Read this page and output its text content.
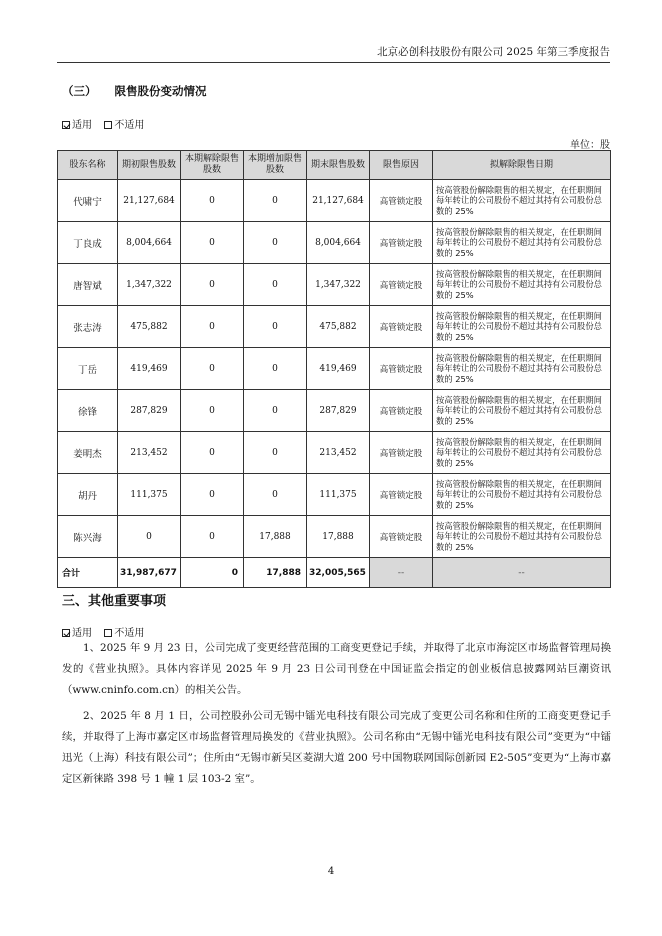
北京必创科技股份有限公司 2025 年第三季度报告
（三） 限售股份变动情况
适用 不适用
单位：股
股东名称	期初限售股数	本期解除限售股数	本期增加限售股数	期末限售股数	限售原因	拟解除限售日期
代啸宁	21,127,684	0	0	21,127,684	高管锁定股	按高管股份解除限售的相关规定，在任职期间每年转让的公司股份不超过其持有公司股份总数的 25%
丁良成	8,004,664	0	0	8,004,664	高管锁定股	按高管股份解除限售的相关规定，在任职期间每年转让的公司股份不超过其持有公司股份总数的 25%
唐智斌	1,347,322	0	0	1,347,322	高管锁定股	按高管股份解除限售的相关规定，在任职期间每年转让的公司股份不超过其持有公司股份总数的 25%
张志涛	475,882	0	0	475,882	高管锁定股	按高管股份解除限售的相关规定，在任职期间每年转让的公司股份不超过其持有公司股份总数的 25%
丁岳	419,469	0	0	419,469	高管锁定股	按高管股份解除限售的相关规定，在任职期间每年转让的公司股份不超过其持有公司股份总数的 25%
徐锋	287,829	0	0	287,829	高管锁定股	按高管股份解除限售的相关规定，在任职期间每年转让的公司股份不超过其持有公司股份总数的 25%
姜明杰	213,452	0	0	213,452	高管锁定股	按高管股份解除限售的相关规定，在任职期间每年转让的公司股份不超过其持有公司股份总数的 25%
胡丹	111,375	0	0	111,375	高管锁定股	按高管股份解除限售的相关规定，在任职期间每年转让的公司股份不超过其持有公司股份总数的 25%
陈兴海	0	0	17,888	17,888	高管锁定股	按高管股份解除限售的相关规定，在任职期间每年转让的公司股份不超过其持有公司股份总数的 25%
合计	31,987,677	0	17,888	32,005,565	--	--
三、其他重要事项
适用 不适用

1、2025 年 9 月 23 日，公司完成了变更经营范围的工商变更登记手续，并取得了北京市海淀区市场监督管理局换发的《营业执照》。具体内容详见 2025 年 9 月 23 日公司刊登在中国证监会指定的创业板信息披露网站巨潮资讯（www.cninfo.com.cn）的相关公告。

2、2025 年 8 月 1 日，公司控股孙公司无锡中镭光电科技有限公司完成了变更公司名称和住所的工商变更登记手续，并取得了上海市嘉定区市场监督管理局换发的《营业执照》。公司名称由“无锡中镭光电科技有限公司”变更为“中镭迅光（上海）科技有限公司”；住所由“无锡市新吴区菱湖大道 200 号中国物联网国际创新园 E2-505”变更为“上海市嘉定区新徕路 398 号 1 幢 1 层 103-2 室”。

4
